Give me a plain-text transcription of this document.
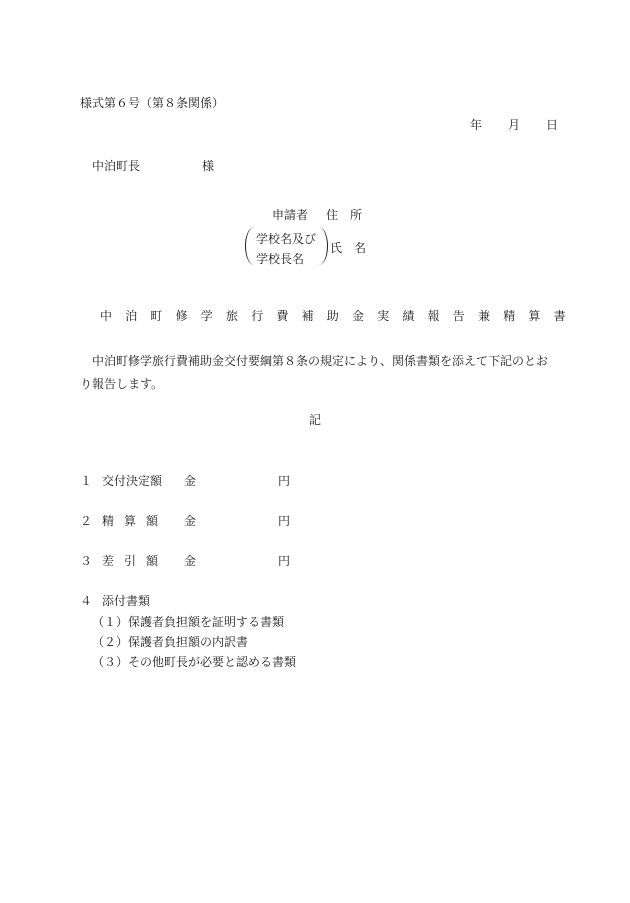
様式第６号（第８条関係）
年 月 日
中泊町長	様
申請者 住　所
学校名及び
学校長名
氏　名
中泊町修学旅行費補助金実績報告兼精算書
　中泊町修学旅行費補助金交付要綱第８条の規定により、関係書類を添えて下記のとおり報告します。
記
１ 交付決定額 金	円
２ 精算額 金	円
３ 差引額 金	円
４ 添付書類
（１）保護者負担額を証明する書類
（２）保護者負担額の内訳書
（３）その他町長が必要と認める書類
